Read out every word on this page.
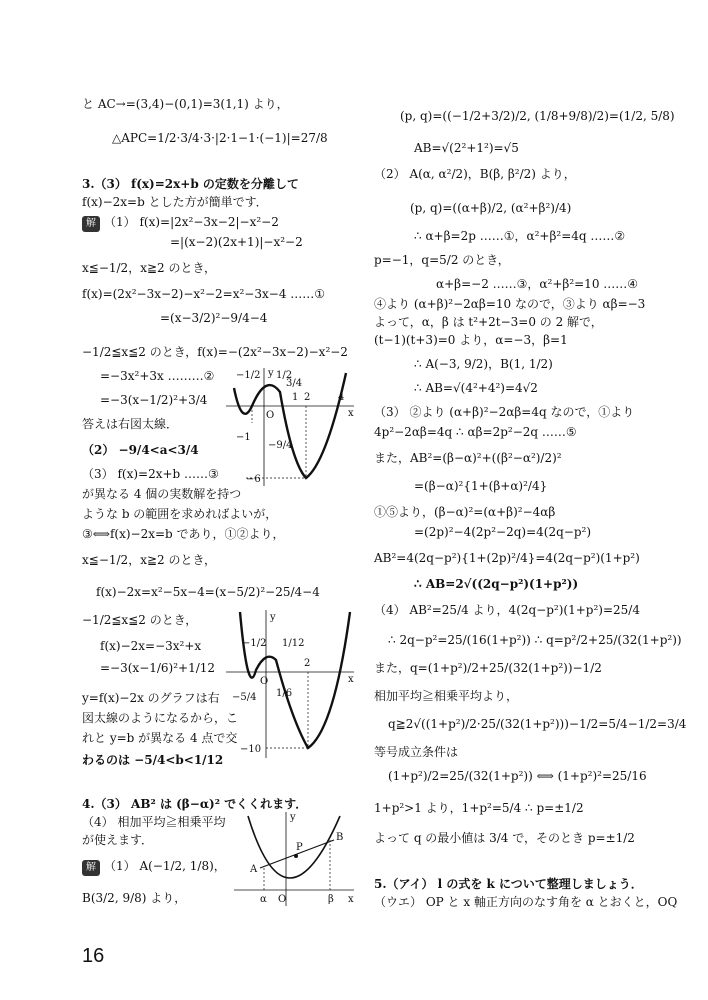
と AC→=(3,4)−(0,1)=3(1,1) より，
△APC=1/2·3/4·3·|2·1−1·(−1)|=27/8
3.（3） f(x)=2x+b の定数を分離して
f(x)−2x=b とした方が簡単です．
解 （1） f(x)=|2x²−3x−2|−x²−2
=|(x−2)(2x+1)|−x²−2
x≦−1/2，x≧2 のとき，
f(x)=(2x²−3x−2)−x²−2=x²−3x−4 ……①
=(x−3/2)²−9/4−4
−1/2≦x≦2 のとき，f(x)=−(2x²−3x−2)−x²−2
=−3x²+3x ………②
=−3(x−1/2)²+3/4
答えは右図太線．
（2） −9/4<a<3/4
（3） f(x)=2x+b ……③
が異なる 4 個の実数解を持つ
ような b の範囲を求めればよいが，
③⟺f(x)−2x=b であり，①②より，
x≦−1/2，x≧2 のとき，
f(x)−2x=x²−5x−4=(x−5/2)²−25/4−4
−1/2≦x≦2 のとき，
f(x)−2x=−3x²+x
=−3(x−1/6)²+1/12
y=f(x)−2x のグラフは右
図太線のようになるから，こ
れと y=b が異なる 4 点で交
わるのは −5/4<b<1/12
4.（3） AB² は (β−α)² でくくれます．
（4） 相加平均≧相乗平均
が使えます．
解 （1） A(−1/2, 1/8)，
B(3/2, 9/8) より，
−1/2
1 2	4
x
y
O
1/2
3/4
−1
−9/4
−6
y
−1/2 1/12
O
1/6
−5/4
2
x
−10
y
B
P
A
α O	β x
(p, q)=((−1/2+3/2)/2, (1/8+9/8)/2)=(1/2, 5/8)
AB=√(2²+1²)=√5
（2） A(α, α²/2)，B(β, β²/2) より，
(p, q)=((α+β)/2, (α²+β²)/4)
∴ α+β=2p ……①，α²+β²=4q ……②
p=−1，q=5/2 のとき，
α+β=−2 ……③，α²+β²=10 ……④
④より (α+β)²−2αβ=10 なので，③より αβ=−3
よって，α，β は t²+2t−3=0 の 2 解で，
(t−1)(t+3)=0 より，α=−3，β=1
∴ A(−3, 9/2)，B(1, 1/2)
∴ AB=√(4²+4²)=4√2
（3） ②より (α+β)²−2αβ=4q なので，①より
4p²−2αβ=4q ∴ αβ=2p²−2q ……⑤
また，AB²=(β−α)²+((β²−α²)/2)²
=(β−α)²{1+(β+α)²/4}
①⑤より，(β−α)²=(α+β)²−4αβ
=(2p)²−4(2p²−2q)=4(2q−p²)
AB²=4(2q−p²){1+(2p)²/4}=4(2q−p²)(1+p²)
∴ AB=2√((2q−p²)(1+p²))
（4） AB²=25/4 より，4(2q−p²)(1+p²)=25/4
∴ 2q−p²=25/(16(1+p²)) ∴ q=p²/2+25/(32(1+p²))
また，q=(1+p²)/2+25/(32(1+p²))−1/2
相加平均≧相乗平均より，
q≧2√((1+p²)/2·25/(32(1+p²)))−1/2=5/4−1/2=3/4
等号成立条件は
(1+p²)/2=25/(32(1+p²)) ⟺ (1+p²)²=25/16
1+p²>1 より，1+p²=5/4 ∴ p=±1/2
よって q の最小値は 3/4 で，そのとき p=±1/2
5.（アイ） l の式を k について整理しましょう．
（ウエ） OP と x 軸正方向のなす角を α とおくと，OQ
16
